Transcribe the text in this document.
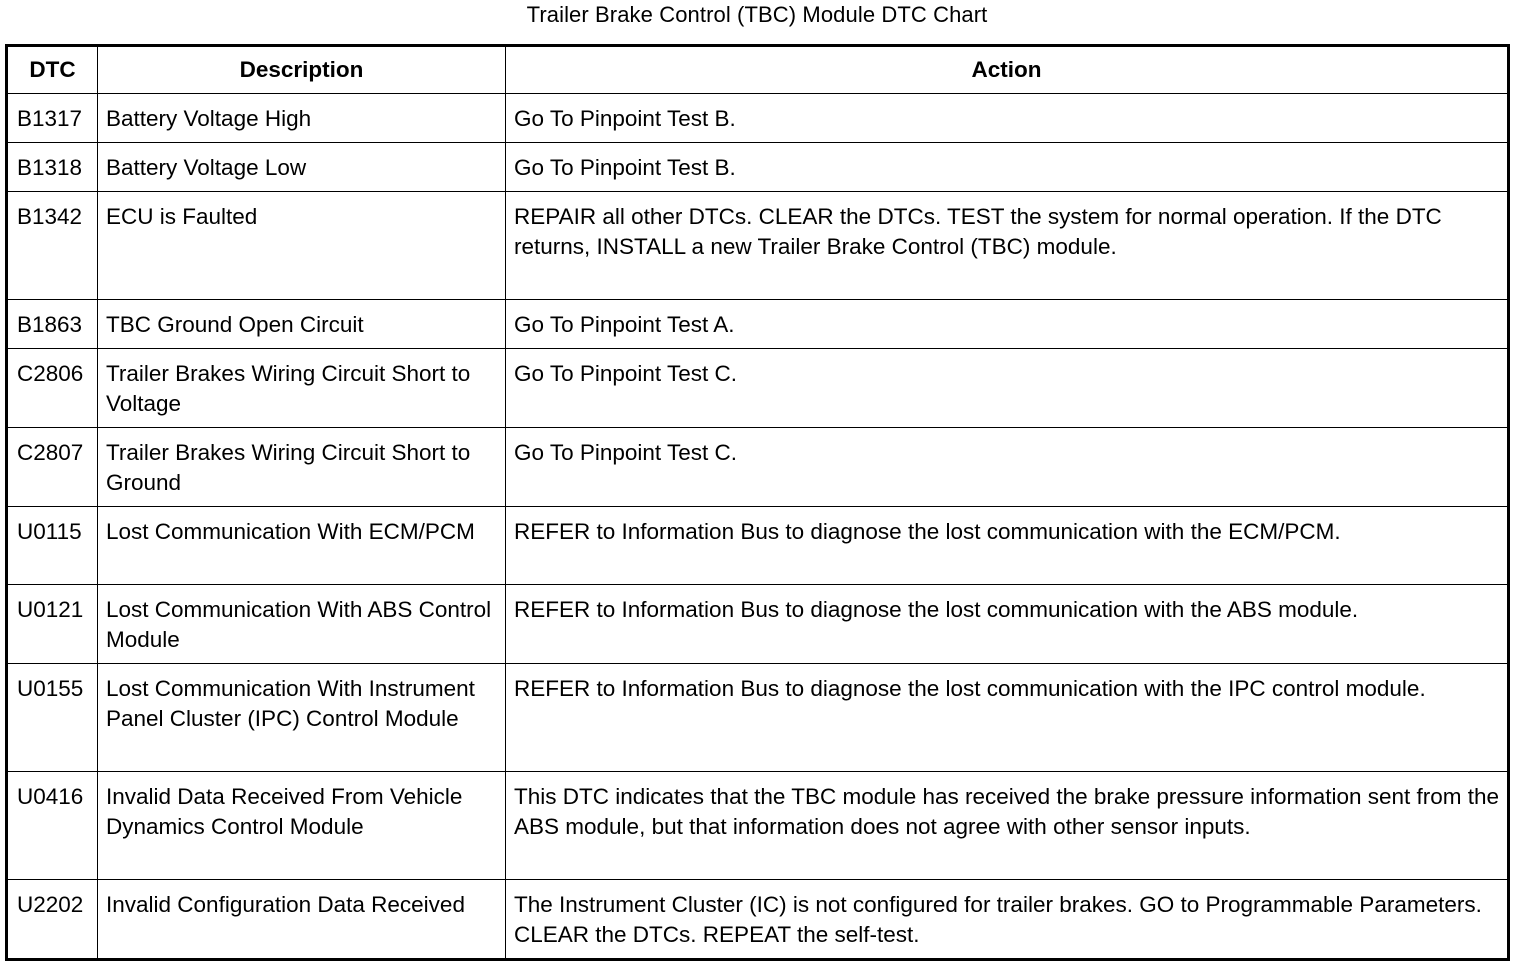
Trailer Brake Control (TBC) Module DTC Chart
DTC	Description	Action
B1317	Battery Voltage High	Go To Pinpoint Test B.
B1318	Battery Voltage Low	Go To Pinpoint Test B.
B1342	ECU is Faulted	REPAIR all other DTCs. CLEAR the DTCs. TEST the system for normal operation. If the DTC returns, INSTALL a new Trailer Brake Control (TBC) module.
B1863	TBC Ground Open Circuit	Go To Pinpoint Test A.
C2806	Trailer Brakes Wiring Circuit Short to Voltage	Go To Pinpoint Test C.
C2807	Trailer Brakes Wiring Circuit Short to Ground	Go To Pinpoint Test C.
U0115	Lost Communication With ECM/PCM	REFER to Information Bus to diagnose the lost communication with the ECM/PCM.
U0121	Lost Communication With ABS Control Module	REFER to Information Bus to diagnose the lost communication with the ABS module.
U0155	Lost Communication With Instrument Panel Cluster (IPC) Control Module	REFER to Information Bus to diagnose the lost communication with the IPC control module.
U0416	Invalid Data Received From Vehicle Dynamics Control Module	This DTC indicates that the TBC module has received the brake pressure information sent from the ABS module, but that information does not agree with other sensor inputs.
U2202	Invalid Configuration Data Received	The Instrument Cluster (IC) is not configured for trailer brakes. GO to Programmable Parameters. CLEAR the DTCs. REPEAT the self-test.
